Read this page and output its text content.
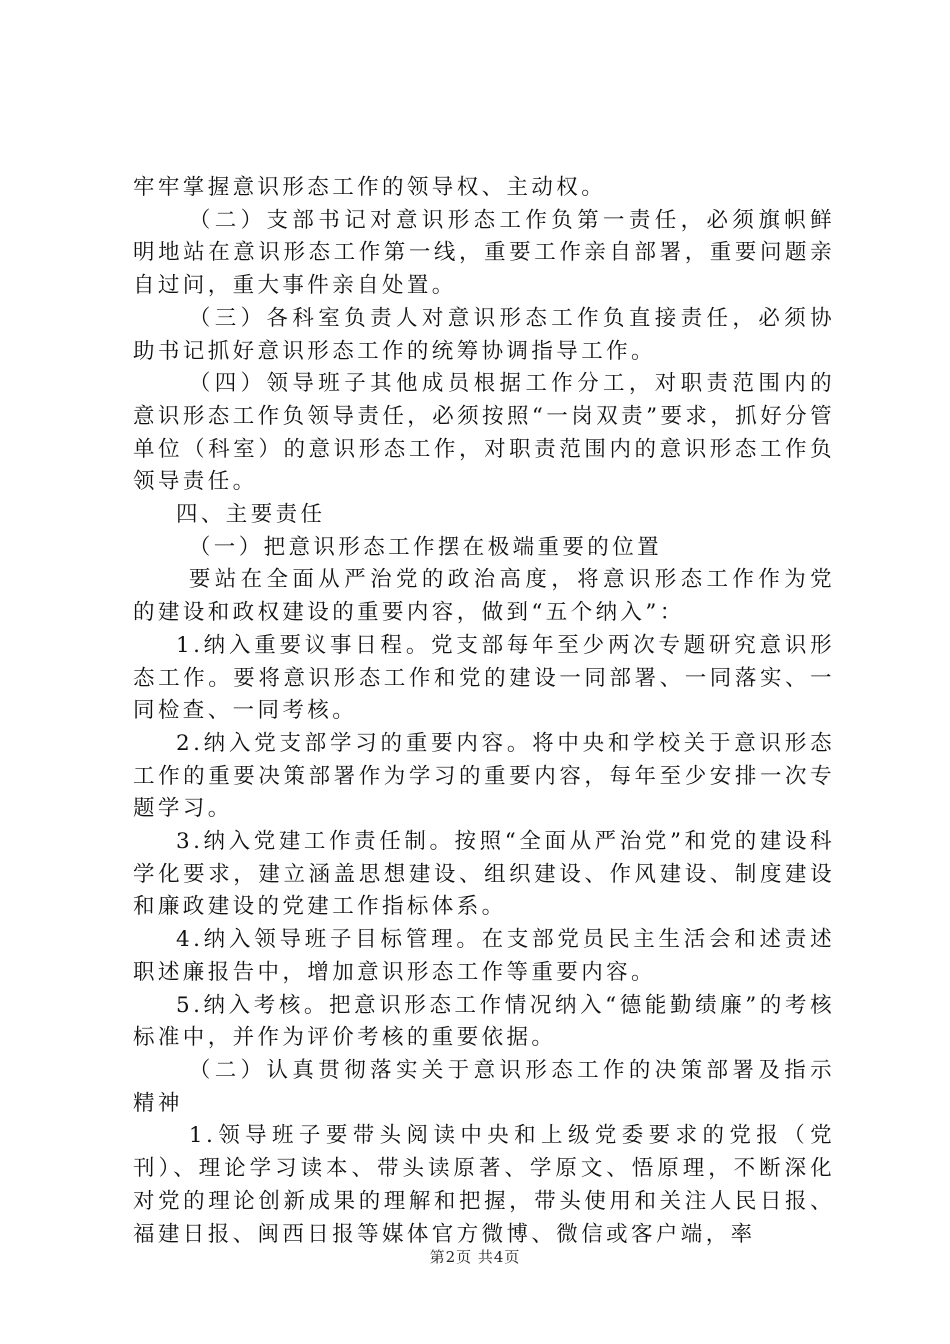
牢牢掌握意识形态工作的领导权、主动权。

（二）支部书记对意识形态工作负第一责任，必须旗帜鲜明地站在意识形态工作第一线，重要工作亲自部署，重要问题亲自过问，重大事件亲自处置。

（三）各科室负责人对意识形态工作负直接责任，必须协助书记抓好意识形态工作的统筹协调指导工作。

（四）领导班子其他成员根据工作分工，对职责范围内的意识形态工作负领导责任，必须按照“一岗双责”要求，抓好分管单位（科室）的意识形态工作，对职责范围内的意识形态工作负领导责任。

四、主要责任

（一）把意识形态工作摆在极端重要的位置

要站在全面从严治党的政治高度，将意识形态工作作为党的建设和政权建设的重要内容，做到“五个纳入”：

1.纳入重要议事日程。党支部每年至少两次专题研究意识形态工作。要将意识形态工作和党的建设一同部署、一同落实、一同检查、一同考核。

2.纳入党支部学习的重要内容。将中央和学校关于意识形态工作的重要决策部署作为学习的重要内容，每年至少安排一次专题学习。

3.纳入党建工作责任制。按照“全面从严治党”和党的建设科学化要求，建立涵盖思想建设、组织建设、作风建设、制度建设和廉政建设的党建工作指标体系。

4.纳入领导班子目标管理。在支部党员民主生活会和述责述职述廉报告中，增加意识形态工作等重要内容。

5.纳入考核。把意识形态工作情况纳入“德能勤绩廉”的考核标准中，并作为评价考核的重要依据。

（二）认真贯彻落实关于意识形态工作的决策部署及指示精神

1.领导班子要带头阅读中央和上级党委要求的党报（党刊）、理论学习读本、带头读原著、学原文、悟原理，不断深化对党的理论创新成果的理解和把握，带头使用和关注人民日报、福建日报、闽西日报等媒体官方微博、微信或客户端，率

第2页 共4页
